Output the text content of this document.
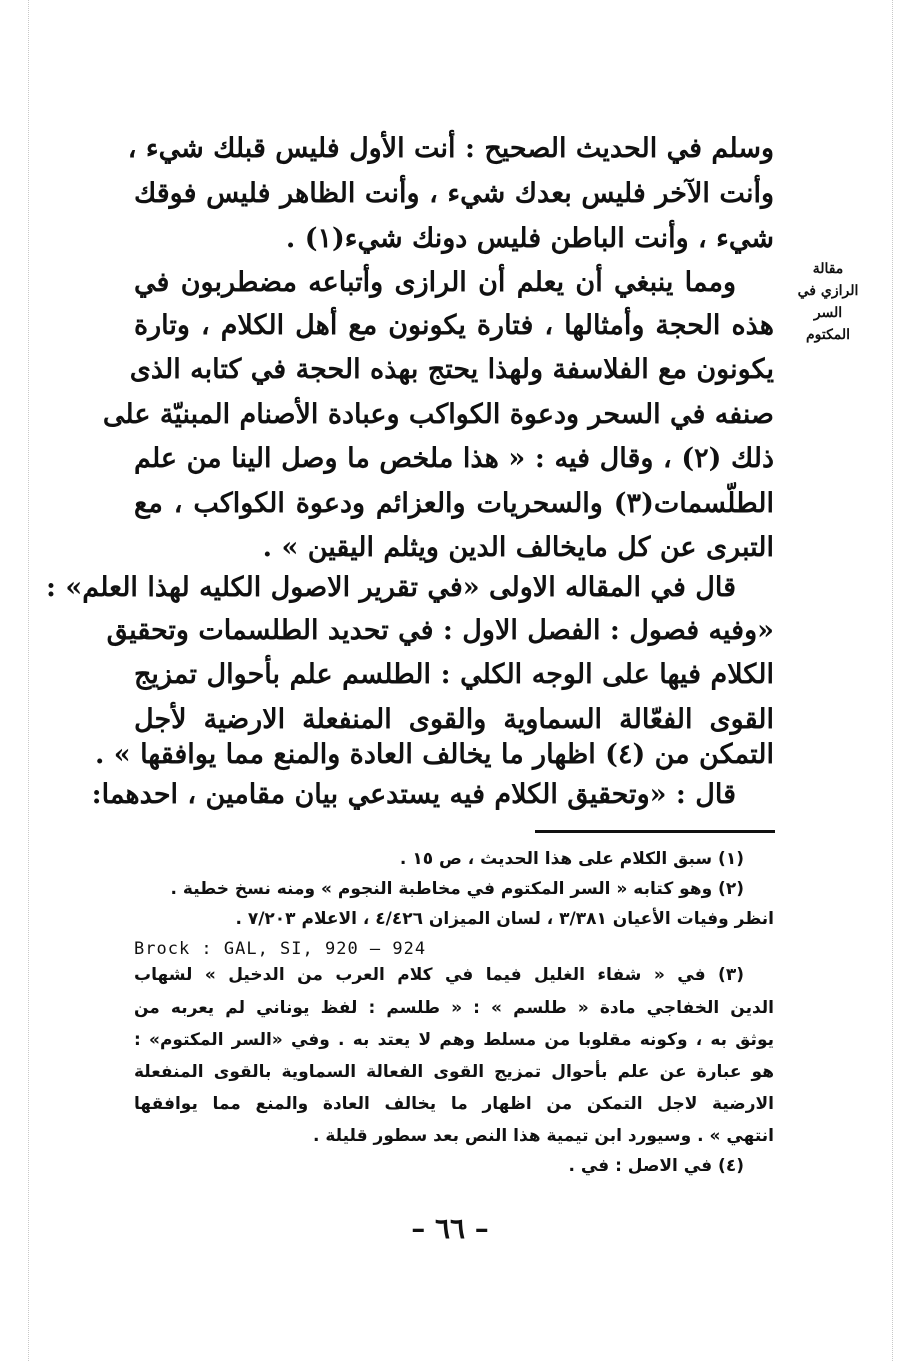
مقالة
الرازي في السر
المكتوم
وسلم في الحديث الصحيح : أنت الأول فليس قبلك شيء ،
وأنت الآخر فليس بعدك شيء ، وأنت الظاهر فليس فوقك
شيء ، وأنت الباطن فليس دونك شيء(١) .
ومما ينبغي أن يعلم أن الرازى وأتباعه مضطربون في
هذه الحجة وأمثالها ، فتارة يكونون مع أهل الكلام ، وتارة
يكونون مع الفلاسفة ولهذا يحتج بهذه الحجة في كتابه الذى
صنفه في السحر ودعوة الكواكب وعبادة الأصنام المبنيّة على
ذلك (٢) ، وقال فيه : « هذا ملخص ما وصل الينا من علم
الطلّسمات(٣) والسحريات والعزائم ودعوة الكواكب ، مع
التبرى عن كل مايخالف الدين ويثلم اليقين » .
قال في المقاله الاولى «في تقرير الاصول الكليه لهذا العلم» :
«وفيه فصول : الفصل الاول : في تحديد الطلسمات وتحقيق
الكلام فيها على الوجه الكلي : الطلسم علم بأحوال تمزيج
القوى الفعّالة السماوية والقوى المنفعلة الارضية لأجل
التمكن من (٤) اظهار ما يخالف العادة والمنع مما يوافقها » .
قال : «وتحقيق الكلام فيه يستدعي بيان مقامين ، احدهما:
(١) سبق الكلام على هذا الحديث ، ص ١٥ .
(٢) وهو كتابه « السر المكتوم في مخاطبة النجوم » ومنه نسخ خطية .
انظر وفيات الأعيان ٣/٣٨١ ، لسان الميزان ٤/٤٢٦ ، الاعلام ٧/٢٠٣ .
Brock : GAL, SI, 920 — 924
(٣) في « شفاء الغليل فيما في كلام العرب من الدخيل » لشهاب
الدين الخفاجي مادة « طلسم » : « طلسم : لفظ يوناني لم يعربه من
يوثق به ، وكونه مقلوبا من مسلط وهم لا يعتد به . وفي «السر المكتوم» :
هو عبارة عن علم بأحوال تمزيج القوى الفعالة السماوية بالقوى المنفعلة
الارضية لاجل التمكن من اظهار ما يخالف العادة والمنع مما يوافقها
انتهي » . وسيورد ابن تيمية هذا النص بعد سطور قليلة .
(٤) في الاصل : في .
– ٦٦ –
